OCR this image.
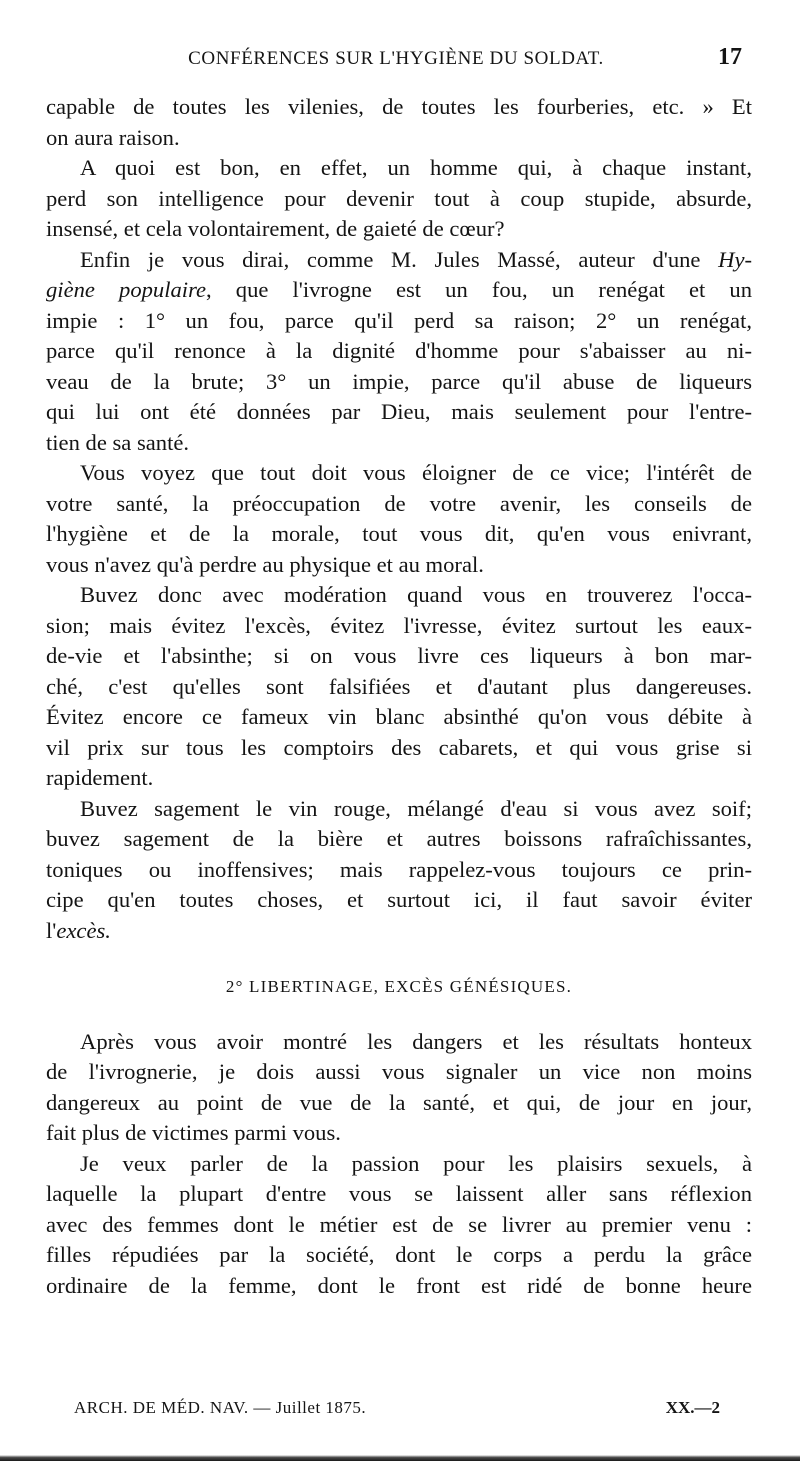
CONFÉRENCES SUR L'HYGIÈNE DU SOLDAT.	17
capable de toutes les vilenies, de toutes les fourberies, etc. » Et
on aura raison.
A quoi est bon, en effet, un homme qui, à chaque instant,
perd son intelligence pour devenir tout à coup stupide, absurde,
insensé, et cela volontairement, de gaieté de cœur?
Enfin je vous dirai, comme M. Jules Massé, auteur d'une Hy-
giène populaire, que l'ivrogne est un fou, un renégat et un
impie : 1° un fou, parce qu'il perd sa raison; 2° un renégat,
parce qu'il renonce à la dignité d'homme pour s'abaisser au ni-
veau de la brute; 3° un impie, parce qu'il abuse de liqueurs
qui lui ont été données par Dieu, mais seulement pour l'entre-
tien de sa santé.
Vous voyez que tout doit vous éloigner de ce vice; l'intérêt de
votre santé, la préoccupation de votre avenir, les conseils de
l'hygiène et de la morale, tout vous dit, qu'en vous enivrant,
vous n'avez qu'à perdre au physique et au moral.
Buvez donc avec modération quand vous en trouverez l'occa-
sion; mais évitez l'excès, évitez l'ivresse, évitez surtout les eaux-
de-vie et l'absinthe; si on vous livre ces liqueurs à bon mar-
ché, c'est qu'elles sont falsifiées et d'autant plus dangereuses.
Évitez encore ce fameux vin blanc absinthé qu'on vous débite à
vil prix sur tous les comptoirs des cabarets, et qui vous grise si
rapidement.
Buvez sagement le vin rouge, mélangé d'eau si vous avez soif;
buvez sagement de la bière et autres boissons rafraîchissantes,
toniques ou inoffensives; mais rappelez-vous toujours ce prin-
cipe qu'en toutes choses, et surtout ici, il faut savoir éviter
l'excès.
2° LIBERTINAGE, EXCÈS GÉNÉSIQUES.
Après vous avoir montré les dangers et les résultats honteux
de l'ivrognerie, je dois aussi vous signaler un vice non moins
dangereux au point de vue de la santé, et qui, de jour en jour,
fait plus de victimes parmi vous.
Je veux parler de la passion pour les plaisirs sexuels, à
laquelle la plupart d'entre vous se laissent aller sans réflexion
avec des femmes dont le métier est de se livrer au premier venu :
filles répudiées par la société, dont le corps a perdu la grâce
ordinaire de la femme, dont le front est ridé de bonne heure
ARCH. DE MÉD. NAV. — Juillet 1875.	XX.—2
